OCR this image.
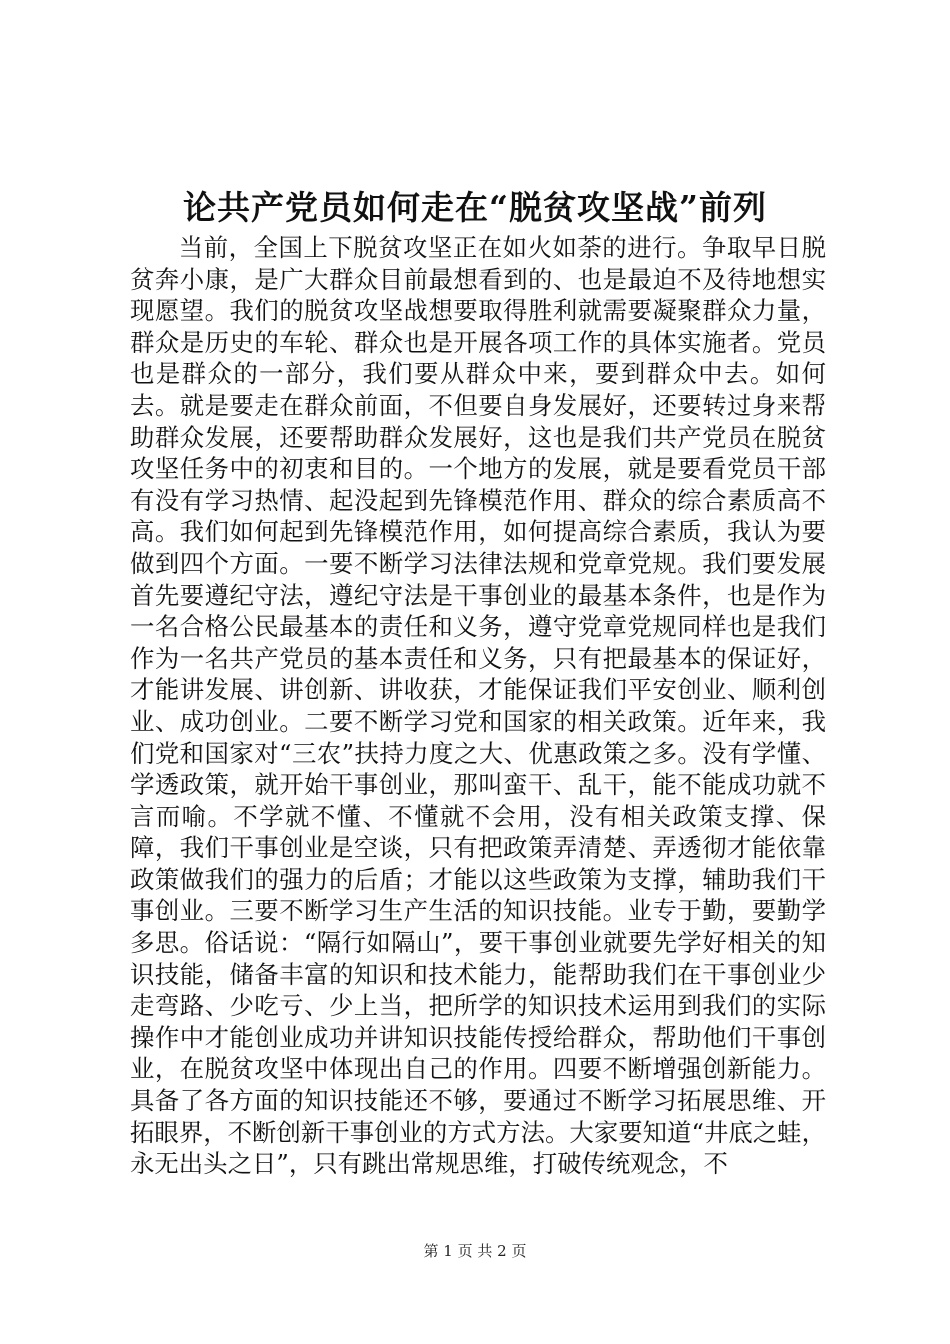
论共产党员如何走在“脱贫攻坚战”前列

当前，全国上下脱贫攻坚正在如火如荼的进行。争取早日脱贫奔小康，是广大群众目前最想看到的、也是最迫不及待地想实现愿望。我们的脱贫攻坚战想要取得胜利就需要凝聚群众力量，群众是历史的车轮、群众也是开展各项工作的具体实施者。党员也是群众的一部分，我们要从群众中来，要到群众中去。如何去。就是要走在群众前面，不但要自身发展好，还要转过身来帮助群众发展，还要帮助群众发展好，这也是我们共产党员在脱贫攻坚任务中的初衷和目的。一个地方的发展，就是要看党员干部有没有学习热情、起没起到先锋模范作用、群众的综合素质高不高。我们如何起到先锋模范作用，如何提高综合素质，我认为要做到四个方面。一要不断学习法律法规和党章党规。我们要发展首先要遵纪守法，遵纪守法是干事创业的最基本条件，也是作为一名合格公民最基本的责任和义务，遵守党章党规同样也是我们作为一名共产党员的基本责任和义务，只有把最基本的保证好，才能讲发展、讲创新、讲收获，才能保证我们平安创业、顺利创业、成功创业。二要不断学习党和国家的相关政策。近年来，我们党和国家对“三农”扶持力度之大、优惠政策之多。没有学懂、学透政策，就开始干事创业，那叫蛮干、乱干，能不能成功就不言而喻。不学就不懂、不懂就不会用，没有相关政策支撑、保障，我们干事创业是空谈，只有把政策弄清楚、弄透彻才能依靠政策做我们的强力的后盾；才能以这些政策为支撑，辅助我们干事创业。三要不断学习生产生活的知识技能。业专于勤，要勤学多思。俗话说：“隔行如隔山”，要干事创业就要先学好相关的知识技能，储备丰富的知识和技术能力，能帮助我们在干事创业少走弯路、少吃亏、少上当，把所学的知识技术运用到我们的实际操作中才能创业成功并讲知识技能传授给群众，帮助他们干事创业，在脱贫攻坚中体现出自己的作用。四要不断增强创新能力。具备了各方面的知识技能还不够，要通过不断学习拓展思维、开拓眼界，不断创新干事创业的方式方法。大家要知道“井底之蛙，永无出头之日”，只有跳出常规思维，打破传统观念，不

第 1 页 共 2 页
